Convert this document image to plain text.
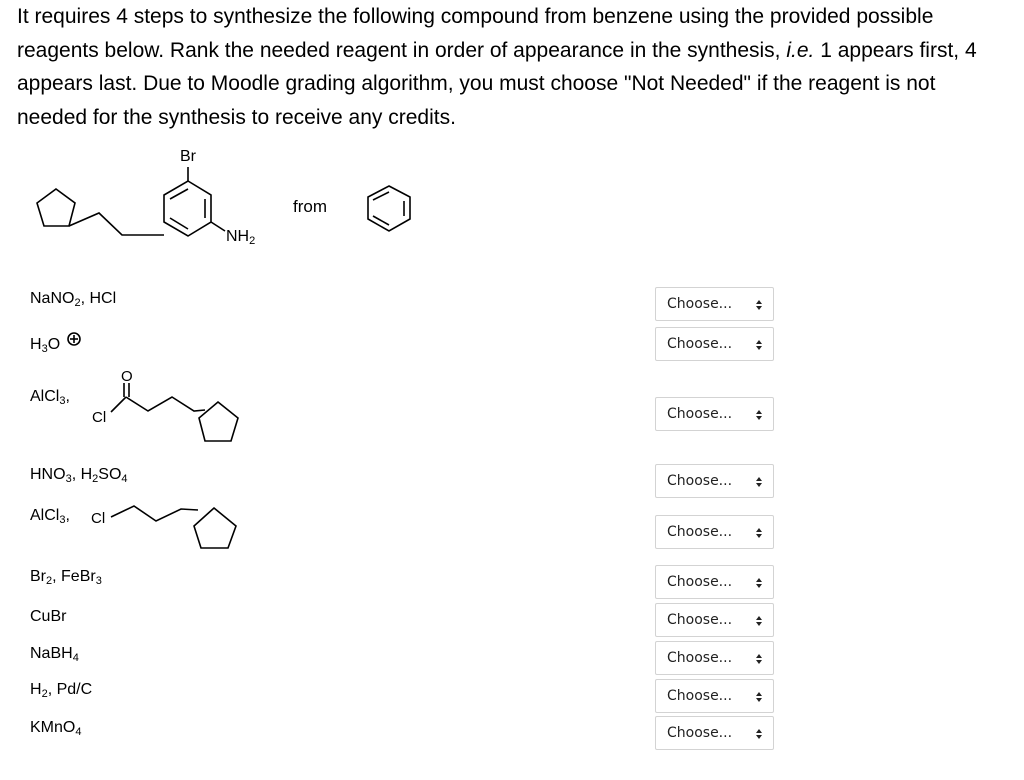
It requires 4 steps to synthesize the following compound from benzene using the provided possible reagents below. Rank the needed reagent in order of appearance in the synthesis, i.e. 1 appears first, 4 appears last. Due to Moodle grading algorithm, you must choose "Not Needed" if the reagent is not needed for the synthesis to receive any credits.

Br
$NH_2$
from
NaNO$_2$, HCl
$H_3O$
AlCl$_3$,
Cl
O
$HNO_3$, $H_2SO_4$
AlCl$_3$, Cl
$Br_2$, FeBr$_3$
CuBr
NaBH$_4$
$H_2$, Pd/C
KMnO$_4$
Choose...
Choose...
Choose...
Choose...
Choose...
Choose...
Choose...
Choose...
Choose...
Choose...
